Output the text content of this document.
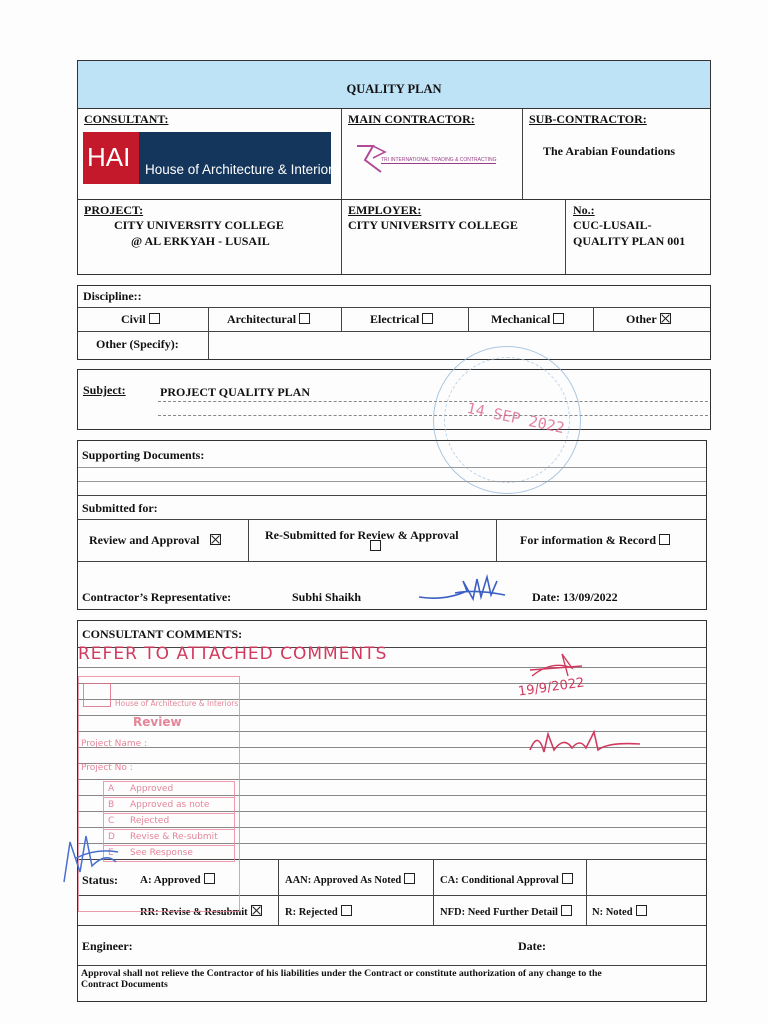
QUALITY PLAN
CONSULTANT:
HAI House of Architecture & Interiors
MAIN CONTRACTOR:
TRI INTERNATIONAL TRADING & CONTRACTING
SUB-CONTRACTOR:
The Arabian Foundations
PROJECT:
CITY UNIVERSITY COLLEGE
@ AL ERKYAH - LUSAIL
EMPLOYER:
CITY UNIVERSITY COLLEGE
No.:
CUC-LUSAIL-
QUALITY PLAN 001
Discipline::
Civil	Architectural	Electrical	Mechanical	Other
Other (Specify):
Subject:	PROJECT QUALITY PLAN
14 SEP 2022
Supporting Documents:
Submitted for:
Review and Approval	Re-Submitted for Review & Approval	For information & Record
Contractor’s Representative:	Subhi Shaikh	Date: 13/09/2022
CONSULTANT COMMENTS:
Status: A: Approved	AAN: Approved As Noted	CA: Conditional Approval
RR: Revise & Resubmit	R: Rejected	NFD: Need Further Detail	N: Noted
Engineer:	Date:
Approval shall not relieve the Contractor of his liabilities under the Contract or constitute authorization of any change to the
Contract Documents
REFER TO ATTACHED COMMENTS
19/9/2022
House of Architecture & Interiors
Review
Project Name :
Project No :
A Approved
B Approved as note
C Rejected
D Revise & Re-submit
E See Response
